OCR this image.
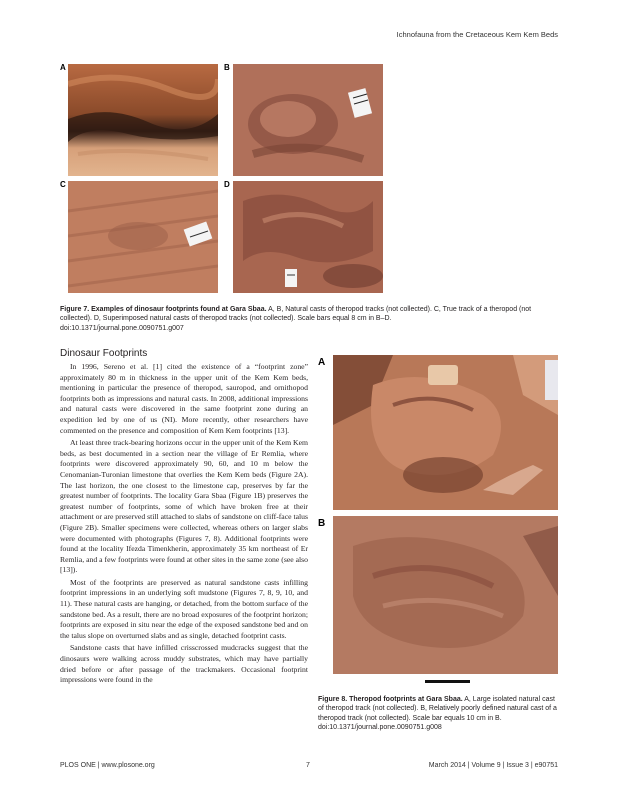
Ichnofauna from the Cretaceous Kem Kem Beds
A	B
C	D
Figure 7. Examples of dinosaur footprints found at Gara Sbaa. A, B, Natural casts of theropod tracks (not collected). C, True track of a theropod (not collected). D, Superimposed natural casts of theropod tracks (not collected). Scale bars equal 8 cm in B–D.
doi:10.1371/journal.pone.0090751.g007
Dinosaur Footprints

In 1996, Sereno et al. [1] cited the existence of a “footprint zone” approximately 80 m in thickness in the upper unit of the Kem Kem beds, mentioning in particular the presence of theropod, sauropod, and ornithopod footprints both as impressions and natural casts. In 2008, additional impressions and natural casts were discovered in the same footprint zone during an expedition led by one of us (NI). More recently, other researchers have commented on the presence and composition of Kem Kem footprints [13].

At least three track-bearing horizons occur in the upper unit of the Kem Kem beds, as best documented in a section near the village of Er Remlia, where footprints were discovered approximately 90, 60, and 10 m below the Cenomanian-Turonian limestone that overlies the Kem Kem beds (Figure 2A). The last horizon, the one closest to the limestone cap, preserves by far the greatest number of footprints. The locality Gara Sbaa (Figure 1B) preserves the greatest number of footprints, some of which have broken free at their attachment or are preserved still attached to slabs of sandstone on cliff-face talus (Figure 2B). Smaller specimens were collected, whereas others on larger slabs were documented with photographs (Figures 7, 8). Additional footprints were found at the locality Ifezda Timenkherin, approximately 35 km northeast of Er Remlia, and a few footprints were found at other sites in the same zone (see also [13]).

Most of the footprints are preserved as natural sandstone casts infilling footprint impressions in an underlying soft mudstone (Figures 7, 8, 9, 10, and 11). These natural casts are hanging, or detached, from the bottom surface of the sandstone bed. As a result, there are no broad exposures of the footprint horizon; footprints are exposed in situ near the edge of the exposed sandstone bed and on the talus slope on overturned slabs and as single, detached footprint casts.

Sandstone casts that have infilled crisscrossed mudcracks suggest that the dinosaurs were walking across muddy substrates, which may have partially dried before or after passage of the trackmakers. Occasional footprint impressions were found in the

A
B
Figure 8. Theropod footprints at Gara Sbaa. A, Large isolated natural cast of theropod track (not collected). B, Relatively poorly defined natural cast of a theropod track (not collected). Scale bar equals 10 cm in B.
doi:10.1371/journal.pone.0090751.g008
PLOS ONE | www.plosone.org	7	March 2014 | Volume 9 | Issue 3 | e90751
